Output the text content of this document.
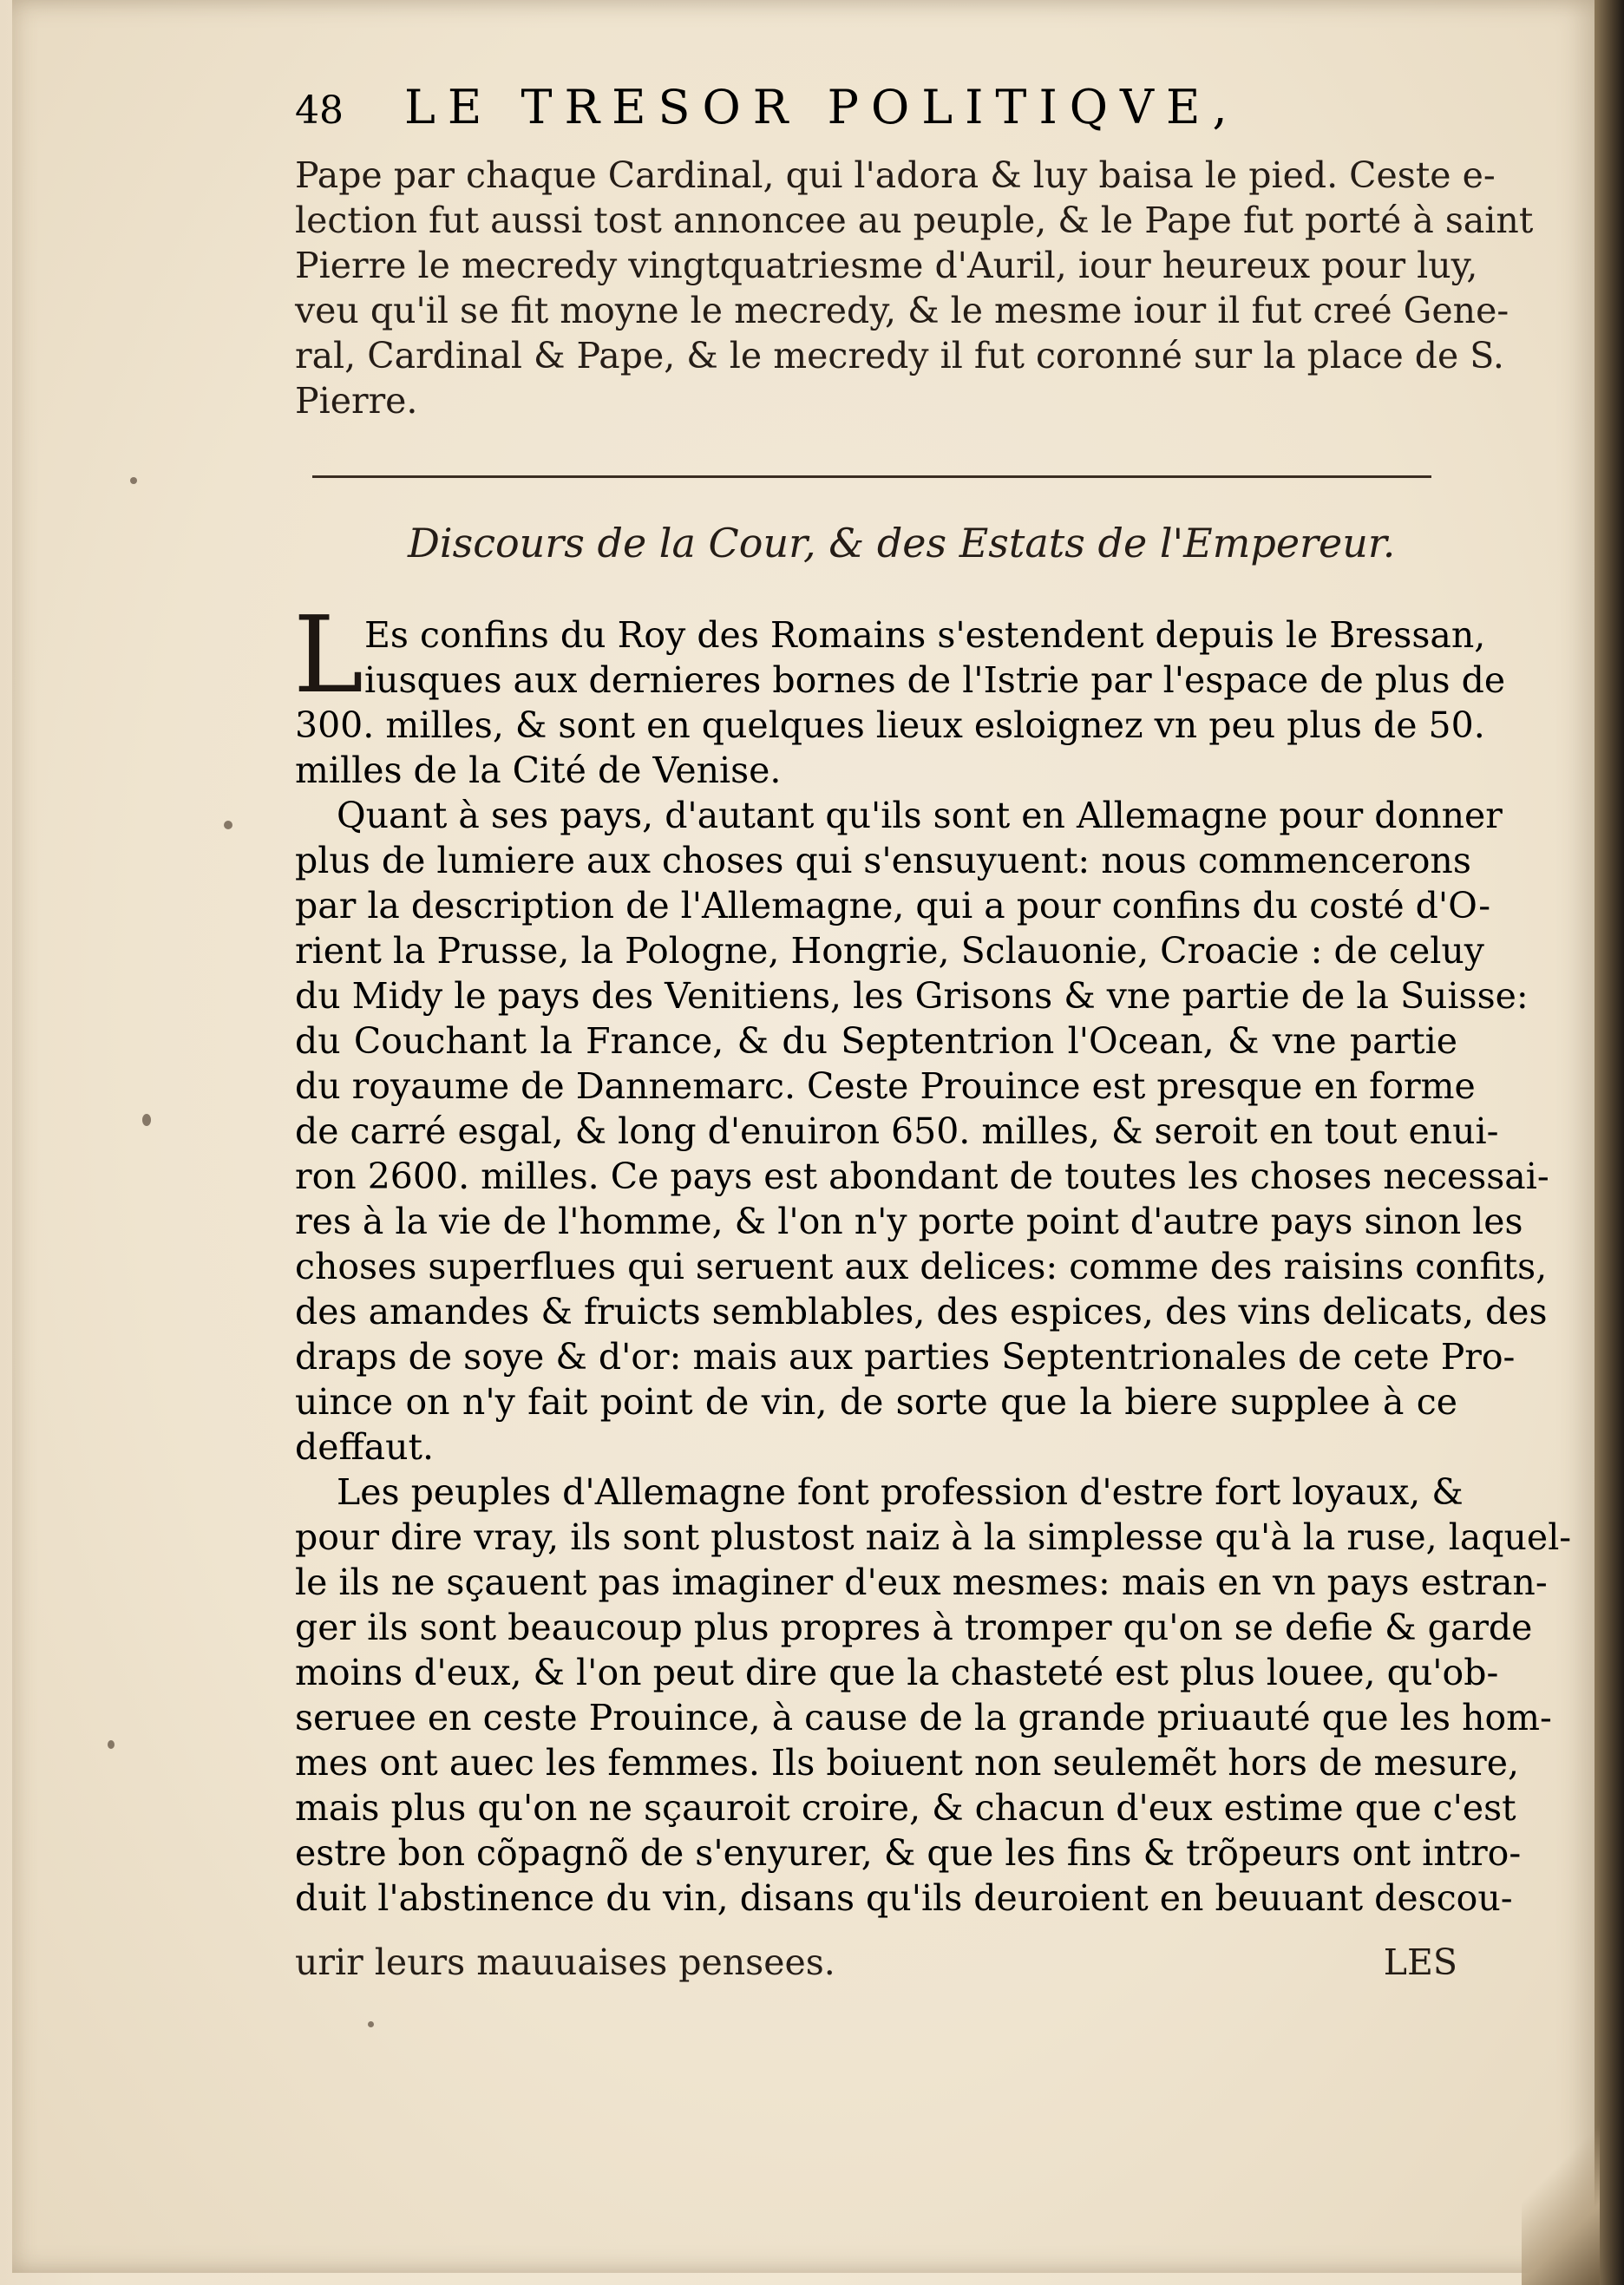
48 LE TRESOR POLITIQVE,
Pape par chaque Cardinal, qui l'adora & luy baisa le pied. Ceste e-
lection fut aussi tost annoncee au peuple, & le Pape fut porté à saint
Pierre le mecredy vingtquatriesme d'Auril, iour heureux pour luy,
veu qu'il se fit moyne le mecredy, & le mesme iour il fut creé Gene-
ral, Cardinal & Pape, & le mecredy il fut coronné sur la place de S.
Pierre.
Discours de la Cour, & des Estats de l'Empereur.
L Es confins du Roy des Romains s'estendent depuis le Bressan,
iusques aux dernieres bornes de l'Istrie par l'espace de plus de
300. milles, & sont en quelques lieux esloignez vn peu plus de 50.
milles de la Cité de Venise.
Quant à ses pays, d'autant qu'ils sont en Allemagne pour donner
plus de lumiere aux choses qui s'ensuyuent: nous commencerons
par la description de l'Allemagne, qui a pour confins du costé d'O-
rient la Prusse, la Pologne, Hongrie, Sclauonie, Croacie : de celuy
du Midy le pays des Venitiens, les Grisons & vne partie de la Suisse:
du Couchant la France, & du Septentrion l'Ocean, & vne partie
du royaume de Dannemarc. Ceste Prouince est presque en forme
de carré esgal, & long d'enuiron 650. milles, & seroit en tout enui-
ron 2600. milles. Ce pays est abondant de toutes les choses necessai-
res à la vie de l'homme, & l'on n'y porte point d'autre pays sinon les
choses superflues qui seruent aux delices: comme des raisins confits,
des amandes & fruicts semblables, des espices, des vins delicats, des
draps de soye & d'or: mais aux parties Septentrionales de cete Pro-
uince on n'y fait point de vin, de sorte que la biere supplee à ce
deffaut.
Les peuples d'Allemagne font profession d'estre fort loyaux, &
pour dire vray, ils sont plustost naiz à la simplesse qu'à la ruse, laquel-
le ils ne sçauent pas imaginer d'eux mesmes: mais en vn pays estran-
ger ils sont beaucoup plus propres à tromper qu'on se defie & garde
moins d'eux, & l'on peut dire que la chasteté est plus louee, qu'ob-
seruee en ceste Prouince, à cause de la grande priuauté que les hom-
mes ont auec les femmes. Ils boiuent non seulemẽt hors de mesure,
mais plus qu'on ne sçauroit croire, & chacun d'eux estime que c'est
estre bon cõpagnõ de s'enyurer, & que les fins & trõpeurs ont intro-
duit l'abstinence du vin, disans qu'ils deuroient en beuuant descou-
urir leurs mauuaises pensees.	LES
